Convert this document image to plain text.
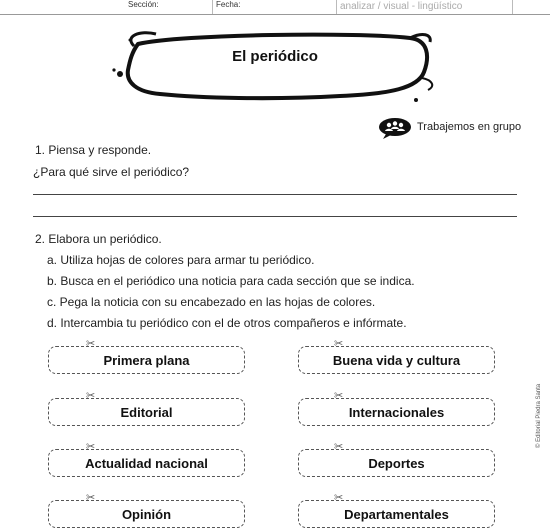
Sección:	Fecha:	analizar / visual - lingüístico
El periódico
Trabajemos en grupo
1. Piensa y responde.
¿Para qué sirve el periódico?
2. Elabora un periódico.
a. Utiliza hojas de colores para armar tu periódico.
b. Busca en el periódico una noticia para cada sección que se indica.
c. Pega la noticia con su encabezado en las hojas de colores.
d. Intercambia tu periódico con el de otros compañeros e infórmate.
✂
Primera plana
✂
Buena vida y cultura
✂
Editorial
✂
Internacionales
✂
Actualidad nacional
✂
Deportes
✂
Opinión
✂
Departamentales
© Editorial Piedra Santa
